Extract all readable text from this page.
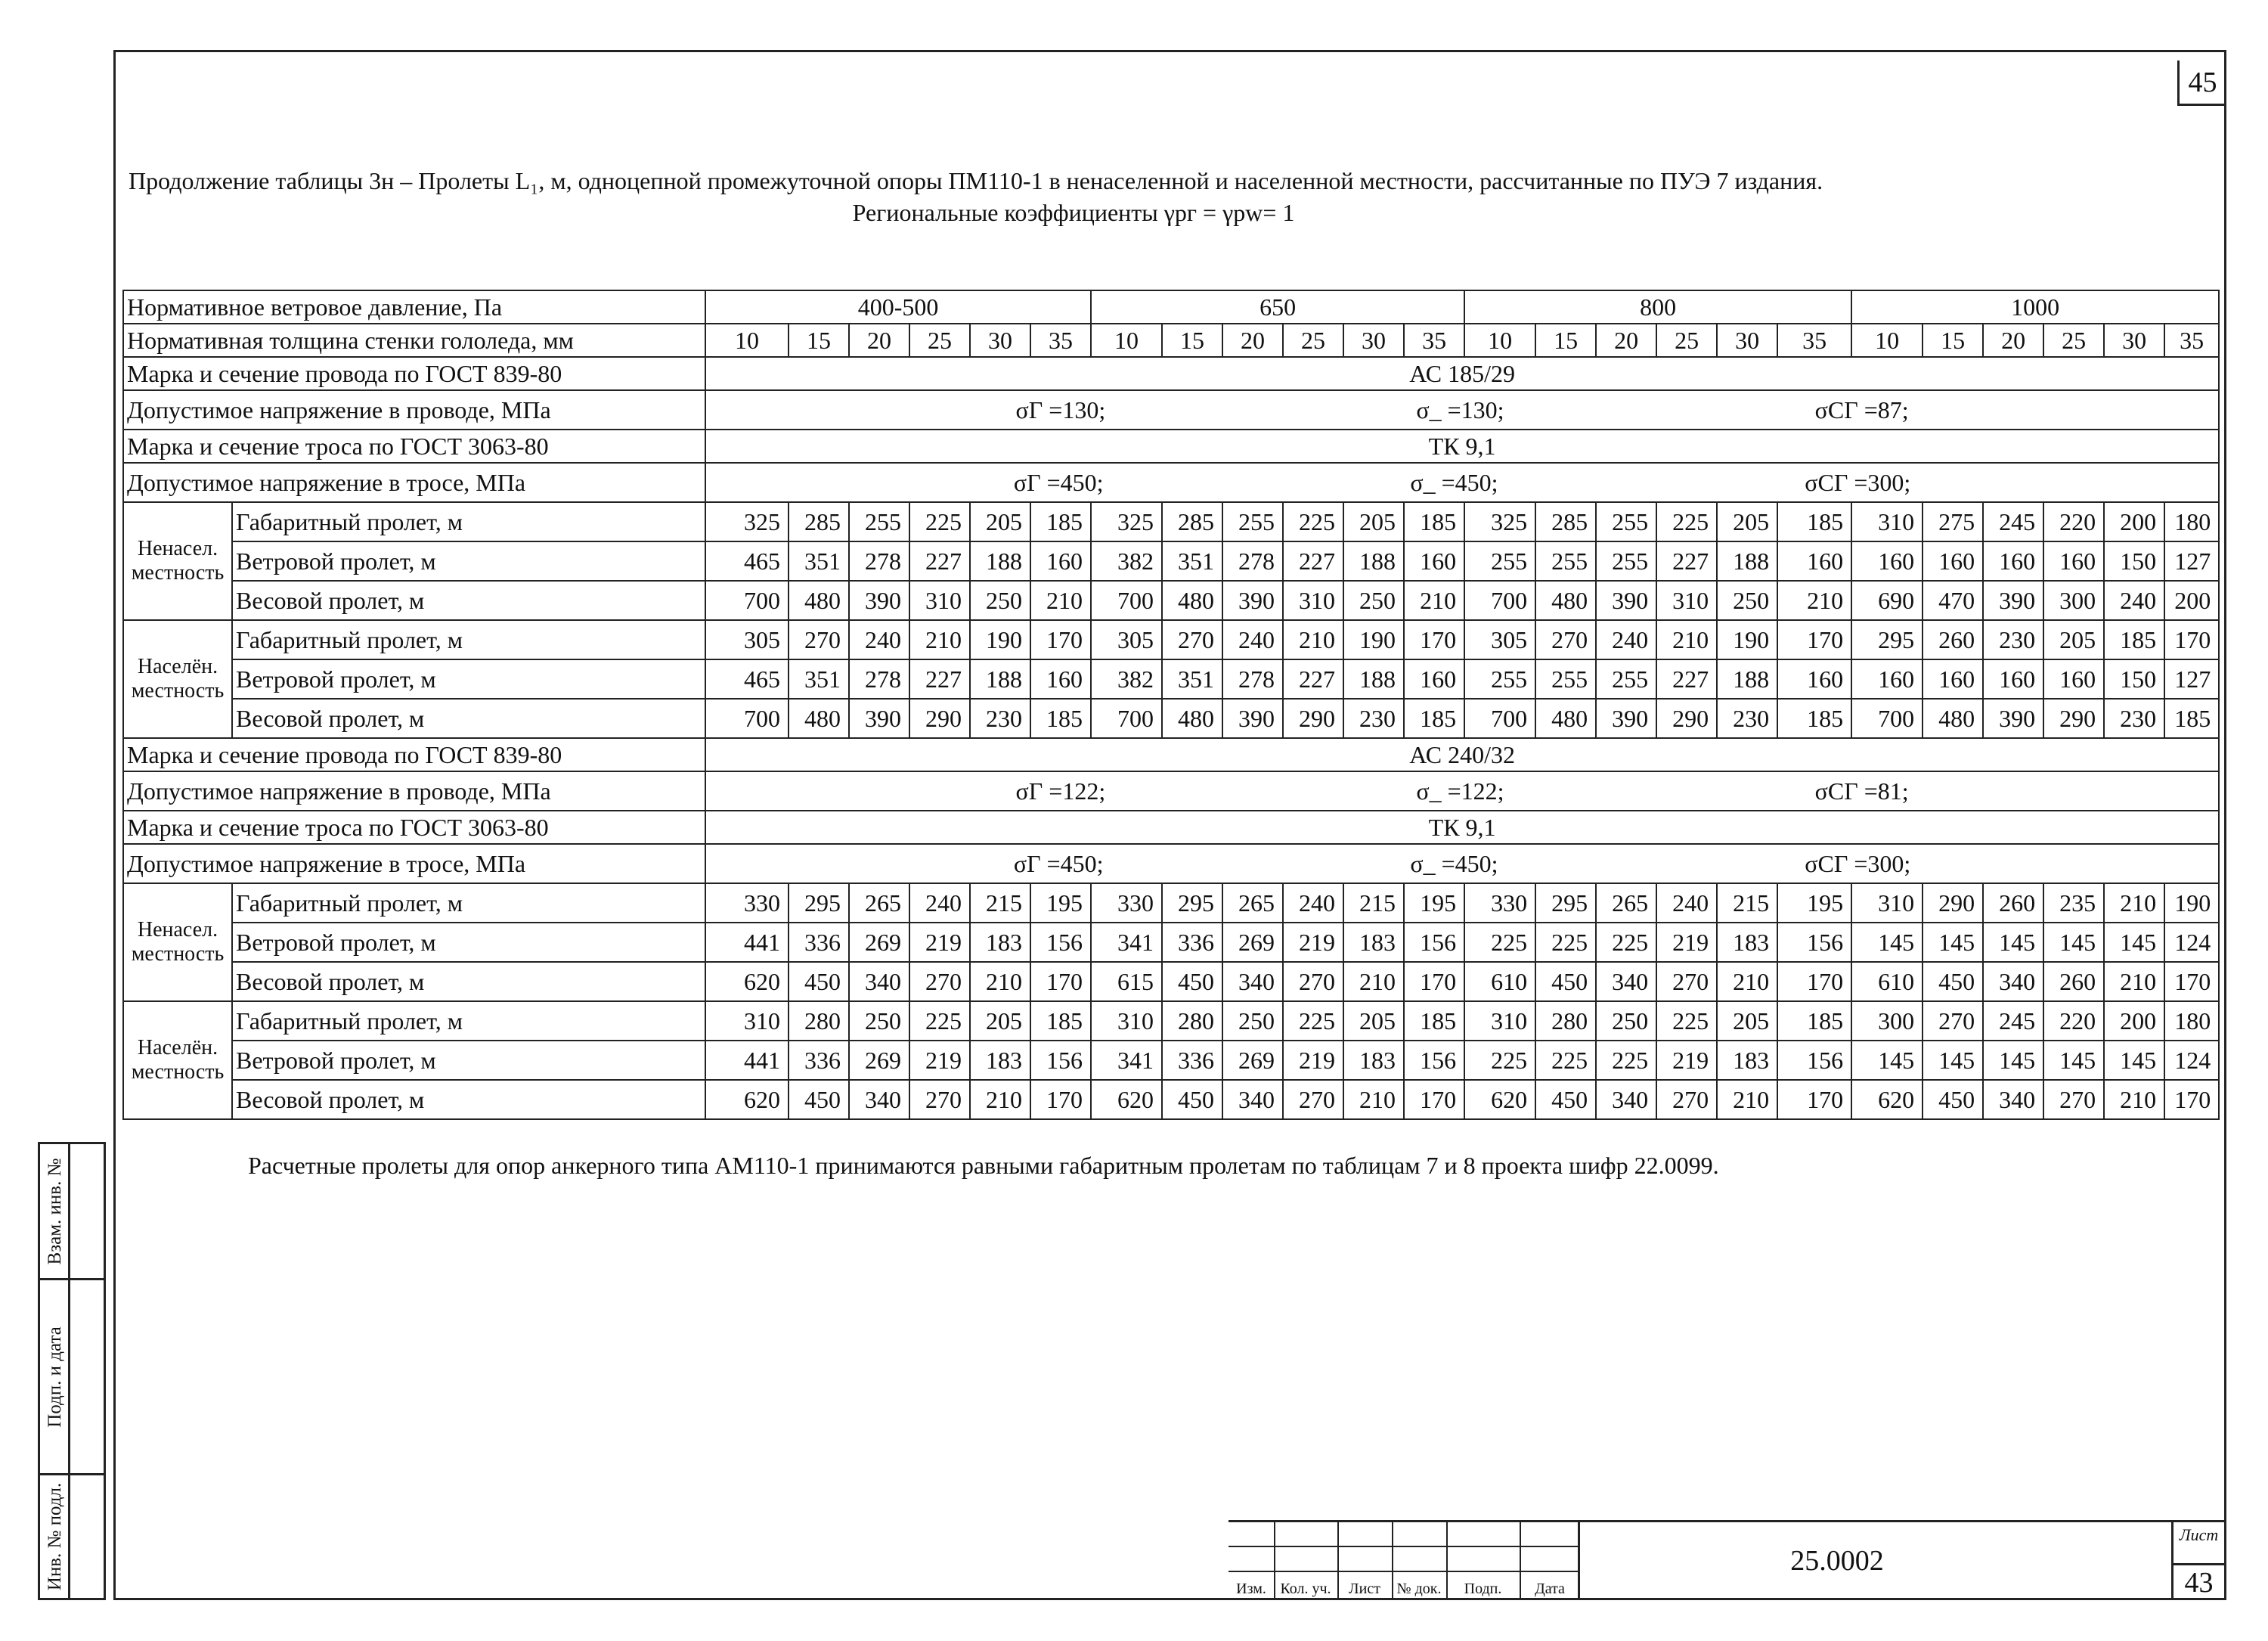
45
Взам. инв. №
Подп. и дата
Инв. № подл.
Продолжение таблицы 3н – Пролеты L₁, м, одноцепной промежуточной опоры ПМ110-1 в ненаселенной и населенной местности, рассчитанные по ПУЭ 7 издания.
Региональные коэффициенты γрг = γрw= 1
Нормативное ветровое давление, Па		400-500						650						800						1000					
Нормативная толщина стенки гололеда, мм		10	15	20	25	30	35	10	15	20	25	30	35	10	15	20	25	30	35	10	15	20	25	30	35
Марка и сечение провода по ГОСТ 839-80		АС 185/29																							
Допустимое напряжение в проводе, МПа		σГ =130; σ_ =130; σСГ =87;																							

Марка и сечение троса по ГОСТ 3063-80		ТК 9,1																							
Допустимое напряжение в тросе, МПа		σГ =450; σ_ =450; σСГ =300;																							

Ненасел. местность	Габаритный пролет, м	325	285	255	225	205	185	325	285	255	225	205	185	325	285	255	225	205	185	310	275	245	220	200	180
	Ветровой пролет, м	465	351	278	227	188	160	382	351	278	227	188	160	255	255	255	227	188	160	160	160	160	160	150	127
	Весовой пролет, м	700	480	390	310	250	210	700	480	390	310	250	210	700	480	390	310	250	210	690	470	390	300	240	200
Населён. местность	Габаритный пролет, м	305	270	240	210	190	170	305	270	240	210	190	170	305	270	240	210	190	170	295	260	230	205	185	170
	Ветровой пролет, м	465	351	278	227	188	160	382	351	278	227	188	160	255	255	255	227	188	160	160	160	160	160	150	127
	Весовой пролет, м	700	480	390	290	230	185	700	480	390	290	230	185	700	480	390	290	230	185	700	480	390	290	230	185
Марка и сечение провода по ГОСТ 839-80		АС 240/32																							
Допустимое напряжение в проводе, МПа		σГ =122; σ_ =122; σСГ =81;																							

Марка и сечение троса по ГОСТ 3063-80		ТК 9,1																							
Допустимое напряжение в тросе, МПа		σГ =450; σ_ =450; σСГ =300;																							

Ненасел. местность	Габаритный пролет, м	330	295	265	240	215	195	330	295	265	240	215	195	330	295	265	240	215	195	310	290	260	235	210	190
	Ветровой пролет, м	441	336	269	219	183	156	341	336	269	219	183	156	225	225	225	219	183	156	145	145	145	145	145	124
	Весовой пролет, м	620	450	340	270	210	170	615	450	340	270	210	170	610	450	340	270	210	170	610	450	340	260	210	170
Населён. местность	Габаритный пролет, м	310	280	250	225	205	185	310	280	250	225	205	185	310	280	250	225	205	185	300	270	245	220	200	180
	Ветровой пролет, м	441	336	269	219	183	156	341	336	269	219	183	156	225	225	225	219	183	156	145	145	145	145	145	124
	Весовой пролет, м	620	450	340	270	210	170	620	450	340	270	210	170	620	450	340	270	210	170	620	450	340	270	210	170
Расчетные пролеты для опор анкерного типа АМ110-1 принимаются равными габаритным пролетам по таблицам 7 и 8 проекта шифр 22.0099.
Изм. Кол. уч.	Лист	№ док.	Подп.	Дата
25.0002
Лист
43
